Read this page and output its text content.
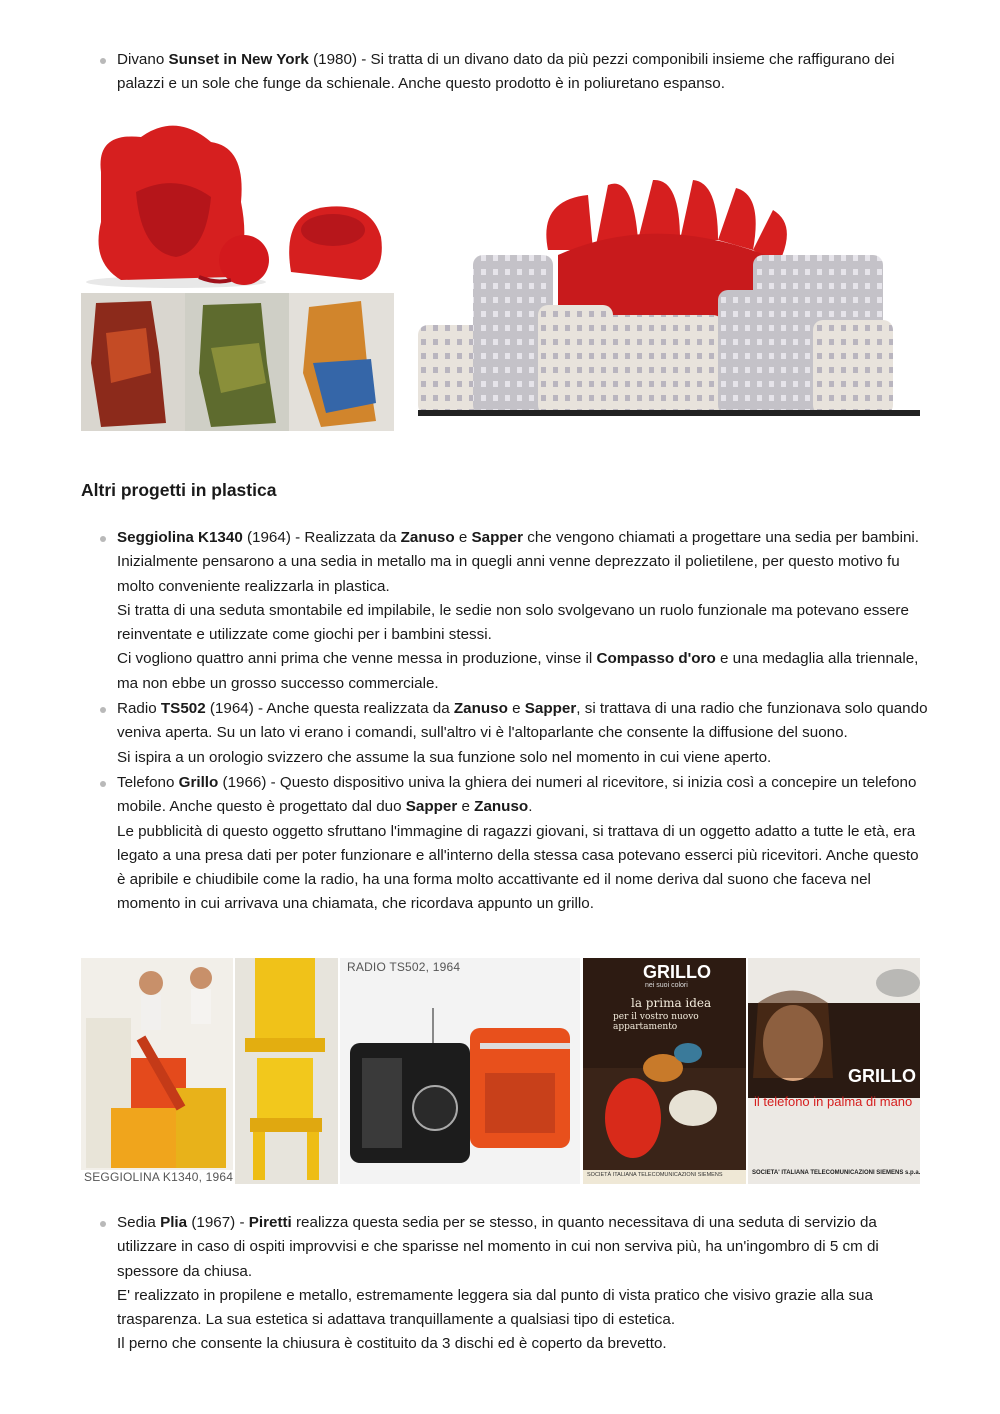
Divano Sunset in New York (1980) - Si tratta di un divano dato da più pezzi componibili insieme che raffigurano dei palazzi e un sole che funge da schienale. Anche questo prodotto è in poliuretano espanso.
Altri progetti in plastica

Seggiolina K1340 (1964) - Realizzata da Zanuso e Sapper che vengono chiamati a progettare una sedia per bambini. Inizialmente pensarono a una sedia in metallo ma in quegli anni venne deprezzato il polietilene, per questo motivo fu molto conveniente realizzarla in plastica.

Si tratta di una seduta smontabile ed impilabile, le sedie non solo svolgevano un ruolo funzionale ma potevano essere reinventate e utilizzate come giochi per i bambini stessi.

Ci vogliono quattro anni prima che venne messa in produzione, vinse il Compasso d'oro e una medaglia alla triennale, ma non ebbe un grosso successo commerciale.

Radio TS502 (1964) - Anche questa realizzata da Zanuso e Sapper, si trattava di una radio che funzionava solo quando veniva aperta. Su un lato vi erano i comandi, sull'altro vi è l'altoparlante che consente la diffusione del suono.

Si ispira a un orologio svizzero che assume la sua funzione solo nel momento in cui viene aperto.

Telefono Grillo (1966) - Questo dispositivo univa la ghiera dei numeri al ricevitore, si inizia così a concepire un telefono mobile. Anche questo è progettato dal duo Sapper e Zanuso.

Le pubblicità di questo oggetto sfruttano l'immagine di ragazzi giovani, si trattava di un oggetto adatto a tutte le età, era legato a una presa dati per poter funzionare e all'interno della stessa casa potevano esserci più ricevitori. Anche questo è apribile e chiudibile come la radio, ha una forma molto accattivante ed il nome deriva dal suono che faceva nel momento in cui arrivava una chiamata, che ricordava appunto un grillo.

SEGGIOLINA K1340, 1964
RADIO TS502, 1964	GRILLO
nei suoi colori
la prima idea
per il vostro nuovo appartamento
SOCIETÀ ITALIANA TELECOMUNICAZIONI SIEMENS
GRILLO
il telefono in palma di mano
SOCIETA' ITALIANA TELECOMUNICAZIONI SIEMENS s.p.a.

Sedia Plia (1967) - Piretti realizza questa sedia per se stesso, in quanto necessitava di una seduta di servizio da utilizzare in caso di ospiti improvvisi e che sparisse nel momento in cui non serviva più, ha un'ingombro di 5 cm di spessore da chiusa.

E' realizzato in propilene e metallo, estremamente leggera sia dal punto di vista pratico che visivo grazie alla sua trasparenza. La sua estetica si adattava tranquillamente a qualsiasi tipo di estetica.

Il perno che consente la chiusura è costituito da 3 dischi ed è coperto da brevetto.
